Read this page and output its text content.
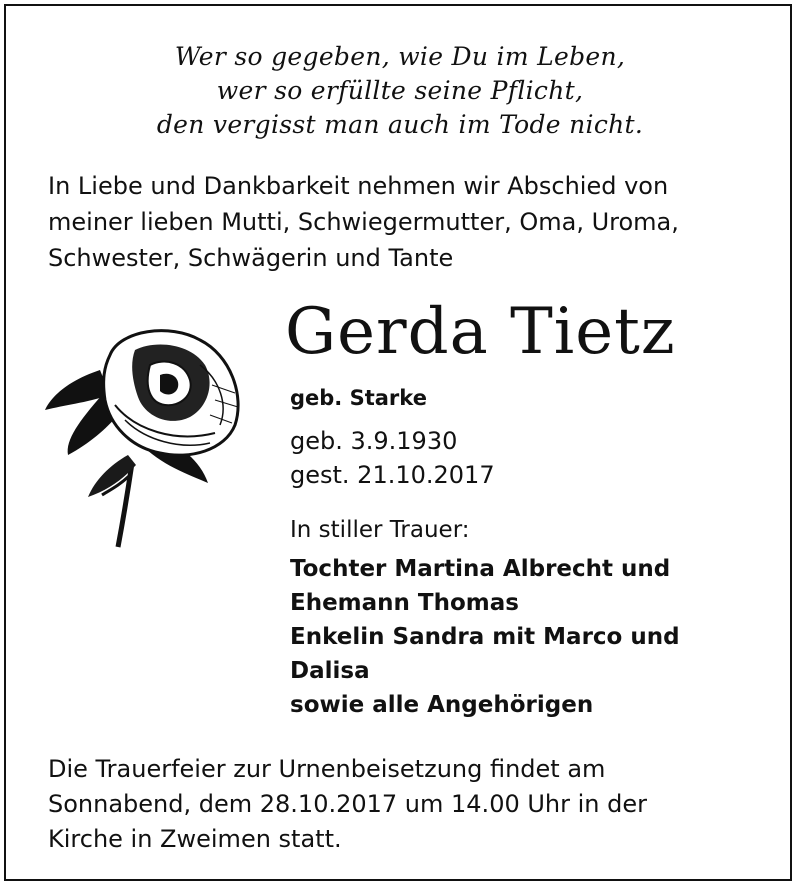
Wer so gegeben, wie Du im Leben,
wer so erfüllte seine Pflicht,
den vergisst man auch im Tode nicht.
In Liebe und Dankbarkeit nehmen wir Abschied von
meiner lieben Mutti, Schwiegermutter, Oma, Uroma,
Schwester, Schwägerin und Tante
Gerda Tietz
geb. Starke
geb. 3.9.1930
gest. 21.10.2017
In stiller Trauer:
Tochter Martina Albrecht und
Ehemann Thomas
Enkelin Sandra mit Marco und
Dalisa
sowie alle Angehörigen
Die Trauerfeier zur Urnenbeisetzung findet am
Sonnabend, dem 28.10.2017 um 14.00 Uhr in der
Kirche in Zweimen statt.
